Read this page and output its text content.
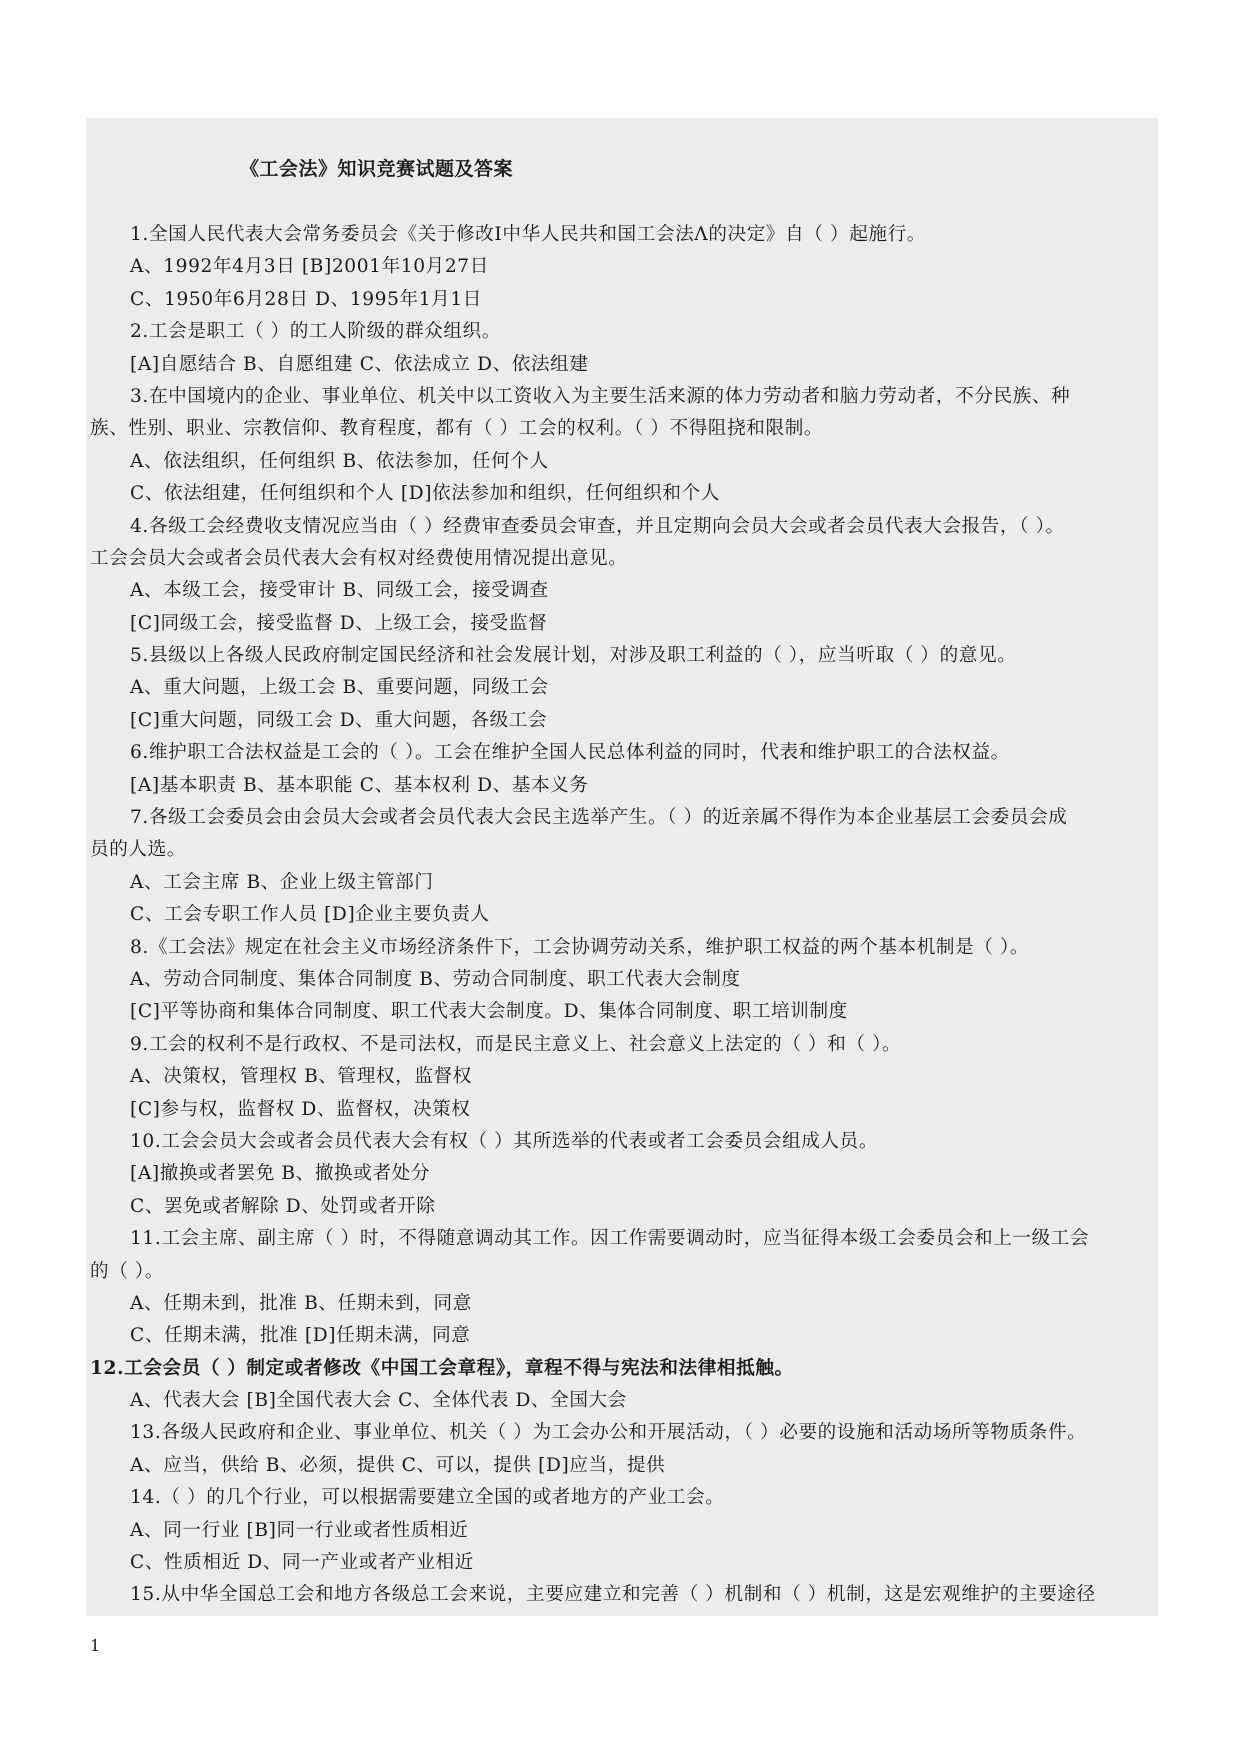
《工会法》知识竞赛试题及答案
1.全国人民代表大会常务委员会《关于修改Ⅰ中华人民共和国工会法Λ的决定》自（ ）起施行。
A、1992年4月3日 [B]2001年10月27日
C、1950年6月28日 D、1995年1月1日
2.工会是职工（ ）的工人阶级的群众组织。
[A]自愿结合 B、自愿组建 C、依法成立 D、依法组建
3.在中国境内的企业、事业单位、机关中以工资收入为主要生活来源的体力劳动者和脑力劳动者，不分民族、种
族、性别、职业、宗教信仰、教育程度，都有（ ）工会的权利。（ ）不得阻挠和限制。
A、依法组织，任何组织 B、依法参加，任何个人
C、依法组建，任何组织和个人 [D]依法参加和组织，任何组织和个人
4.各级工会经费收支情况应当由（ ）经费审查委员会审查，并且定期向会员大会或者会员代表大会报告，（ ）。
工会会员大会或者会员代表大会有权对经费使用情况提出意见。
A、本级工会，接受审计 B、同级工会，接受调查
[C]同级工会，接受监督 D、上级工会，接受监督
5.县级以上各级人民政府制定国民经济和社会发展计划，对涉及职工利益的（ ），应当听取（ ）的意见。
A、重大问题，上级工会 B、重要问题，同级工会
[C]重大问题，同级工会 D、重大问题，各级工会
6.维护职工合法权益是工会的（ ）。工会在维护全国人民总体利益的同时，代表和维护职工的合法权益。
[A]基本职责 B、基本职能 C、基本权利 D、基本义务
7.各级工会委员会由会员大会或者会员代表大会民主选举产生。（ ）的近亲属不得作为本企业基层工会委员会成
员的人选。
A、工会主席 B、企业上级主管部门
C、工会专职工作人员 [D]企业主要负责人
8.《工会法》规定在社会主义市场经济条件下，工会协调劳动关系，维护职工权益的两个基本机制是（ ）。
A、劳动合同制度、集体合同制度 B、劳动合同制度、职工代表大会制度
[C]平等协商和集体合同制度、职工代表大会制度。D、集体合同制度、职工培训制度
9.工会的权利不是行政权、不是司法权，而是民主意义上、社会意义上法定的（ ）和（ ）。
A、决策权，管理权 B、管理权，监督权
[C]参与权，监督权 D、监督权，决策权
10.工会会员大会或者会员代表大会有权（ ）其所选举的代表或者工会委员会组成人员。
[A]撤换或者罢免 B、撤换或者处分
C、罢免或者解除 D、处罚或者开除
11.工会主席、副主席（ ）时，不得随意调动其工作。因工作需要调动时，应当征得本级工会委员会和上一级工会
的（ ）。
A、任期未到，批准 B、任期未到，同意
C、任期未满，批准 [D]任期未满，同意
12.工会会员（ ）制定或者修改《中国工会章程》，章程不得与宪法和法律相抵触。
A、代表大会 [B]全国代表大会 C、全体代表 D、全国大会
13.各级人民政府和企业、事业单位、机关（ ）为工会办公和开展活动，（ ）必要的设施和活动场所等物质条件。
A、应当，供给 B、必须，提供 C、可以，提供 [D]应当，提供
14.（ ）的几个行业，可以根据需要建立全国的或者地方的产业工会。
A、同一行业 [B]同一行业或者性质相近
C、性质相近 D、同一产业或者产业相近
15.从中华全国总工会和地方各级总工会来说，主要应建立和完善（ ）机制和（ ）机制，这是宏观维护的主要途径
1
